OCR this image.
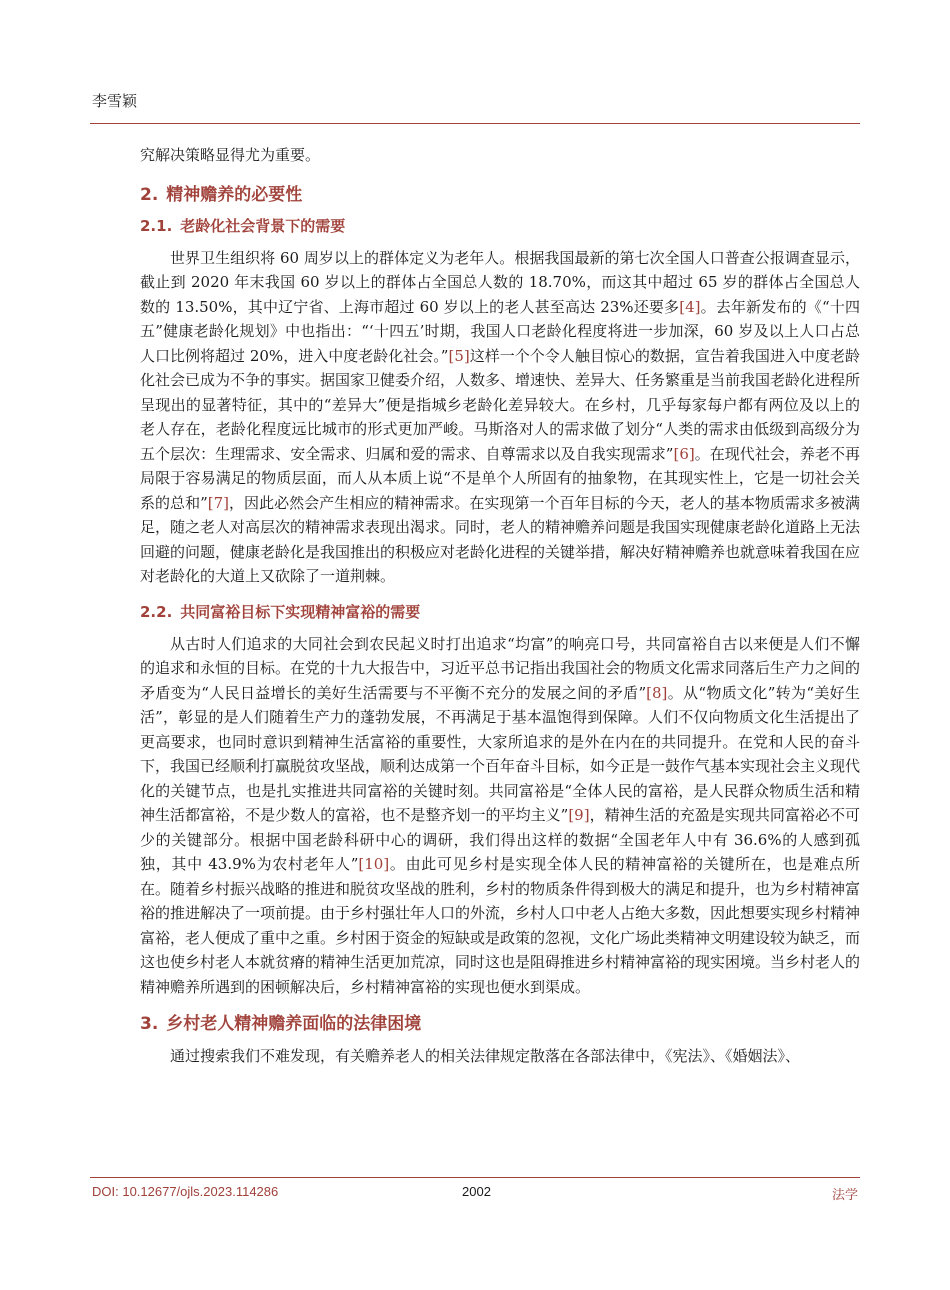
李雪颖

究解决策略显得尤为重要。

2. 精神赡养的必要性
2.1. 老龄化社会背景下的需要

世界卫生组织将 60 周岁以上的群体定义为老年人。根据我国最新的第七次全国人口普查公报调查显示，截止到 2020 年末我国 60 岁以上的群体占全国总人数的 18.70%，而这其中超过 65 岁的群体占全国总人数的 13.50%，其中辽宁省、上海市超过 60 岁以上的老人甚至高达 23%还要多[4]。去年新发布的《“十四五”健康老龄化规划》中也指出：“‘十四五’时期，我国人口老龄化程度将进一步加深，60 岁及以上人口占总人口比例将超过 20%，进入中度老龄化社会。”[5]这样一个个令人触目惊心的数据，宣告着我国进入中度老龄化社会已成为不争的事实。据国家卫健委介绍，人数多、增速快、差异大、任务繁重是当前我国老龄化进程所呈现出的显著特征，其中的“差异大”便是指城乡老龄化差异较大。在乡村，几乎每家每户都有两位及以上的老人存在，老龄化程度远比城市的形式更加严峻。马斯洛对人的需求做了划分“人类的需求由低级到高级分为五个层次：生理需求、安全需求、归属和爱的需求、自尊需求以及自我实现需求”[6]。在现代社会，养老不再局限于容易满足的物质层面，而人从本质上说“不是单个人所固有的抽象物，在其现实性上，它是一切社会关系的总和”[7]，因此必然会产生相应的精神需求。在实现第一个百年目标的今天，老人的基本物质需求多被满足，随之老人对高层次的精神需求表现出渴求。同时，老人的精神赡养问题是我国实现健康老龄化道路上无法回避的问题，健康老龄化是我国推出的积极应对老龄化进程的关键举措，解决好精神赡养也就意味着我国在应对老龄化的大道上又砍除了一道荆棘。

2.2. 共同富裕目标下实现精神富裕的需要

从古时人们追求的大同社会到农民起义时打出追求“均富”的响亮口号，共同富裕自古以来便是人们不懈的追求和永恒的目标。在党的十九大报告中，习近平总书记指出我国社会的物质文化需求同落后生产力之间的矛盾变为“人民日益增长的美好生活需要与不平衡不充分的发展之间的矛盾”[8]。从“物质文化”转为“美好生活”，彰显的是人们随着生产力的蓬勃发展，不再满足于基本温饱得到保障。人们不仅向物质文化生活提出了更高要求，也同时意识到精神生活富裕的重要性，大家所追求的是外在内在的共同提升。在党和人民的奋斗下，我国已经顺利打赢脱贫攻坚战，顺利达成第一个百年奋斗目标，如今正是一鼓作气基本实现社会主义现代化的关键节点，也是扎实推进共同富裕的关键时刻。共同富裕是“全体人民的富裕，是人民群众物质生活和精神生活都富裕，不是少数人的富裕，也不是整齐划一的平均主义”[9]，精神生活的充盈是实现共同富裕必不可少的关键部分。根据中国老龄科研中心的调研，我们得出这样的数据“全国老年人中有 36.6%的人感到孤独，其中 43.9%为农村老年人”[10]。由此可见乡村是实现全体人民的精神富裕的关键所在，也是难点所在。随着乡村振兴战略的推进和脱贫攻坚战的胜利，乡村的物质条件得到极大的满足和提升，也为乡村精神富裕的推进解决了一项前提。由于乡村强壮年人口的外流，乡村人口中老人占绝大多数，因此想要实现乡村精神富裕，老人便成了重中之重。乡村困于资金的短缺或是政策的忽视，文化广场此类精神文明建设较为缺乏，而这也使乡村老人本就贫瘠的精神生活更加荒凉，同时这也是阻碍推进乡村精神富裕的现实困境。当乡村老人的精神赡养所遇到的困顿解决后，乡村精神富裕的实现也便水到渠成。

3. 乡村老人精神赡养面临的法律困境

通过搜索我们不难发现，有关赡养老人的相关法律规定散落在各部法律中，《宪法》、《婚姻法》、

DOI: 10.12677/ojls.2023.114286	2002	法学
